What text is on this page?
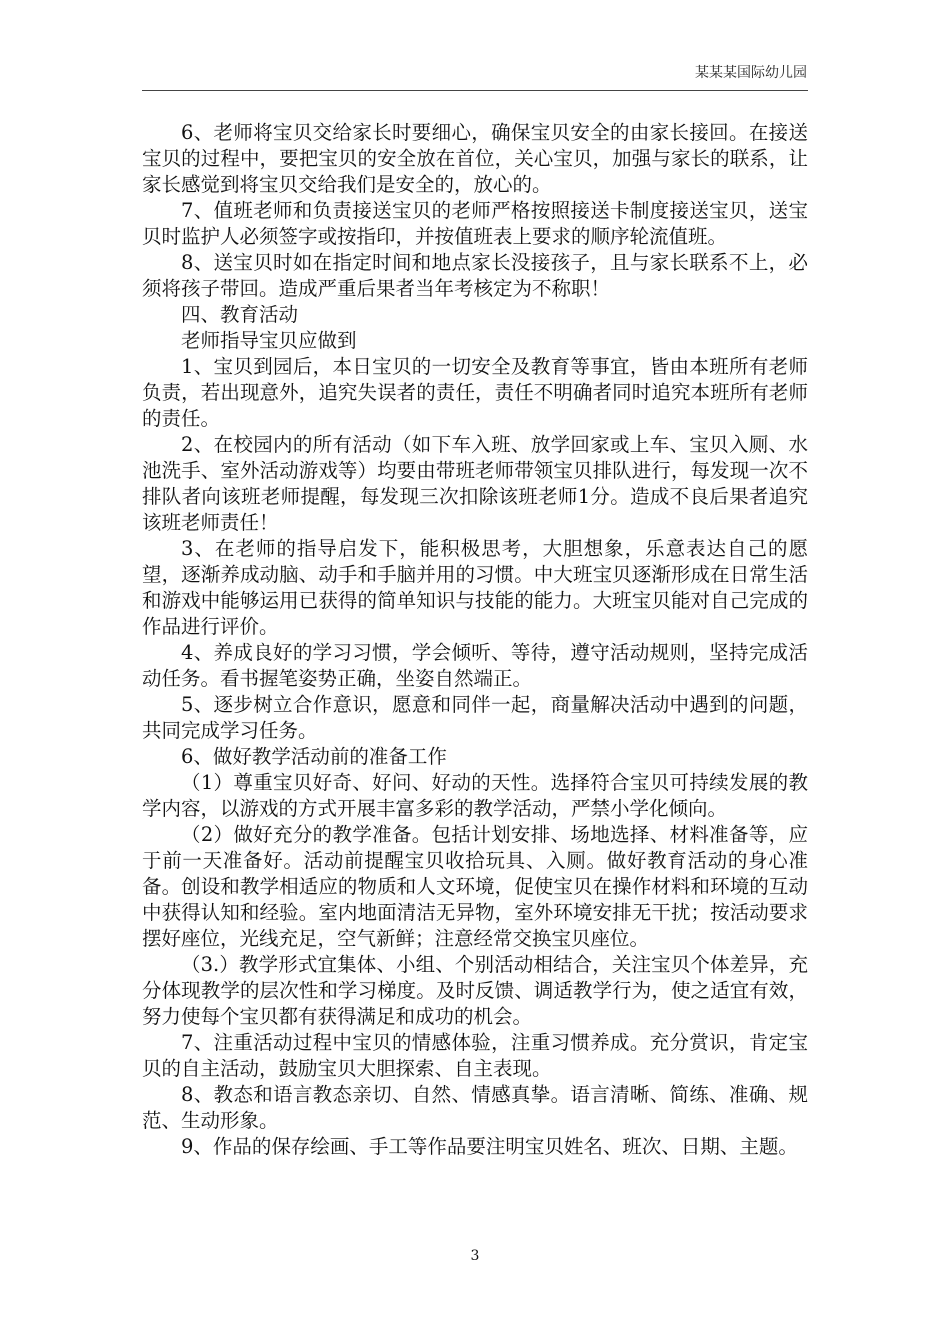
某某某国际幼儿园

6、老师将宝贝交给家长时要细心，确保宝贝安全的由家长接回。在接送宝贝的过程中，要把宝贝的安全放在首位，关心宝贝，加强与家长的联系，让家长感觉到将宝贝交给我们是安全的，放心的。

7、值班老师和负责接送宝贝的老师严格按照接送卡制度接送宝贝，送宝贝时监护人必须签字或按指印，并按值班表上要求的顺序轮流值班。

8、送宝贝时如在指定时间和地点家长没接孩子，且与家长联系不上，必须将孩子带回。造成严重后果者当年考核定为不称职！

四、教育活动

老师指导宝贝应做到

1、宝贝到园后，本日宝贝的一切安全及教育等事宜，皆由本班所有老师负责，若出现意外，追究失误者的责任，责任不明确者同时追究本班所有老师的责任。

2、在校园内的所有活动（如下车入班、放学回家或上车、宝贝入厕、水池洗手、室外活动游戏等）均要由带班老师带领宝贝排队进行，每发现一次不排队者向该班老师提醒，每发现三次扣除该班老师1分。造成不良后果者追究该班老师责任！

3、在老师的指导启发下，能积极思考，大胆想象，乐意表达自己的愿望，逐渐养成动脑、动手和手脑并用的习惯。中大班宝贝逐渐形成在日常生活和游戏中能够运用已获得的简单知识与技能的能力。大班宝贝能对自己完成的作品进行评价。

4、养成良好的学习习惯，学会倾听、等待，遵守活动规则，坚持完成活动任务。看书握笔姿势正确，坐姿自然端正。

5、逐步树立合作意识，愿意和同伴一起，商量解决活动中遇到的问题，共同完成学习任务。

6、做好教学活动前的准备工作

（1）尊重宝贝好奇、好问、好动的天性。选择符合宝贝可持续发展的教学内容，以游戏的方式开展丰富多彩的教学活动，严禁小学化倾向。

（2）做好充分的教学准备。包括计划安排、场地选择、材料准备等，应于前一天准备好。活动前提醒宝贝收拾玩具、入厕。做好教育活动的身心准备。创设和教学相适应的物质和人文环境，促使宝贝在操作材料和环境的互动中获得认知和经验。室内地面清洁无异物，室外环境安排无干扰；按活动要求摆好座位，光线充足，空气新鲜；注意经常交换宝贝座位。

（3.）教学形式宜集体、小组、个别活动相结合，关注宝贝个体差异，充分体现教学的层次性和学习梯度。及时反馈、调适教学行为，使之适宜有效，努力使每个宝贝都有获得满足和成功的机会。

7、注重活动过程中宝贝的情感体验，注重习惯养成。充分赏识，肯定宝贝的自主活动，鼓励宝贝大胆探索、自主表现。

8、教态和语言教态亲切、自然、情感真挚。语言清晰、简练、准确、规范、生动形象。

9、作品的保存绘画、手工等作品要注明宝贝姓名、班次、日期、主题。

3
